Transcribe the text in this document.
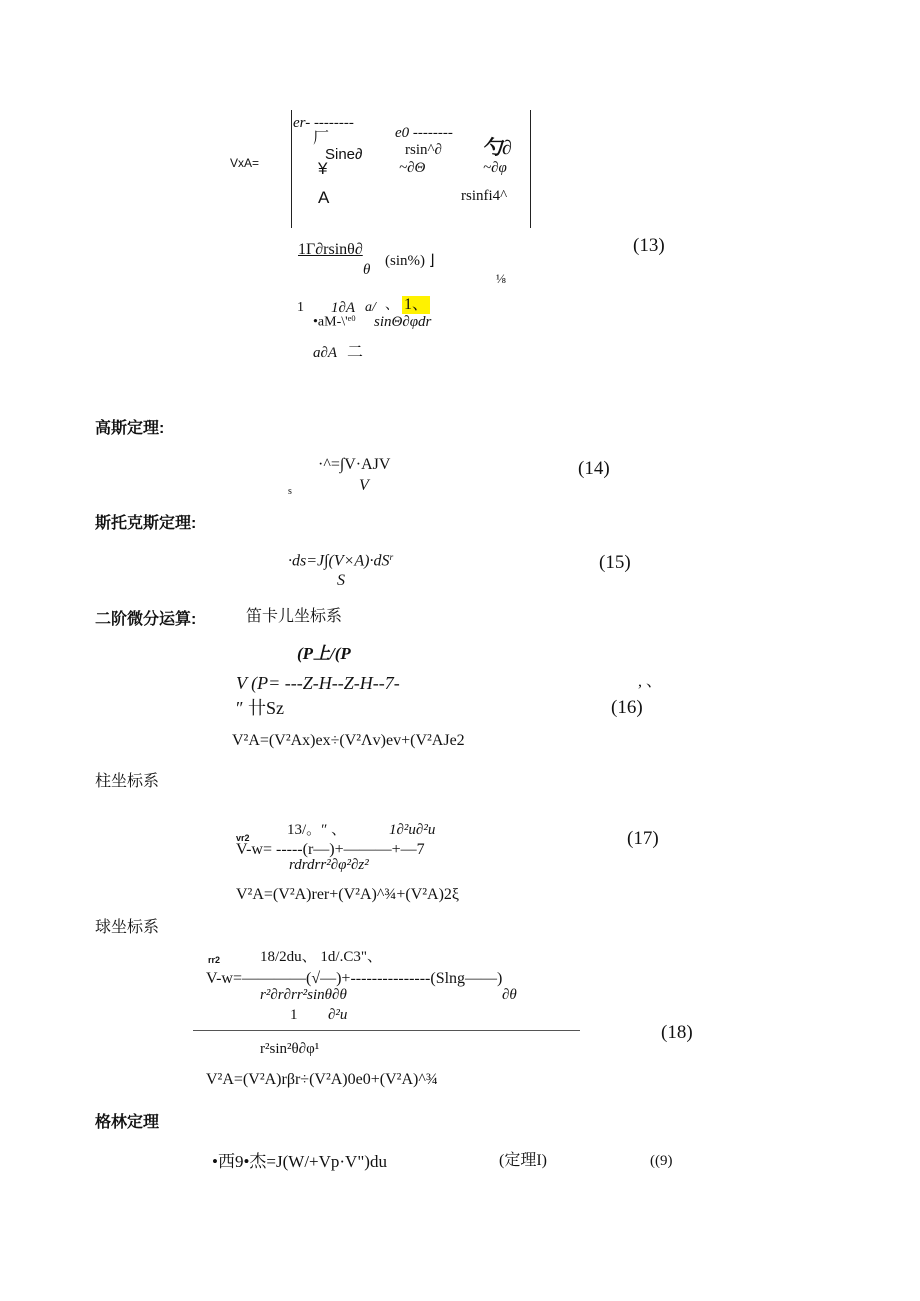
VxA=
er- --------
厂	e0 --------
勺∂
Sine∂	rsin^∂
¥	~∂Θ	~∂φ
A	rsinfi4^
1Γ∂rsinθ∂
θ
(sin%) ⌋
⅛
(13)
1 1∂A a/ 、 1、
$•aM-\backslash'^{e0}$ sinΘ∂φdr
a∂A 二
高斯定理:
·^=∫V·AJV
s	V
(14)
斯托克斯定理:
$\cdot ds=J\int(V\times A)\cdot dS^r$
S
(15)
二阶微分运算:	笛卡儿坐标系
(P上/(P
V (P= ---Z-H--Z-H--7-	, 、
″ 卄Sz	(16)
V²A=(V²Ax)ex÷(V²Λv)ev+(V²AJe2
柱坐标系
13/。″ 、	1∂²u∂²u
vr2
V-w= -----(r—)+———+—7
rdrdrr²∂φ²∂z²
(17)
V²A=(V²A)rer+(V²A)^¾+(V²A)2ξ
球坐标系
rr2	18/2du、 1d/.C3"、
V-w=————(√—)+---------------(Slng——)
r²∂r∂rr²sinθ∂θ	∂θ
1 ∂²u
r²sin²θ∂φ¹
(18)
V²A=(V²A)rβr÷(V²A)0e0+(V²A)^¾
格林定理
•西9•杰=J(W/+Vp·V")du	(定理I)	((9)
